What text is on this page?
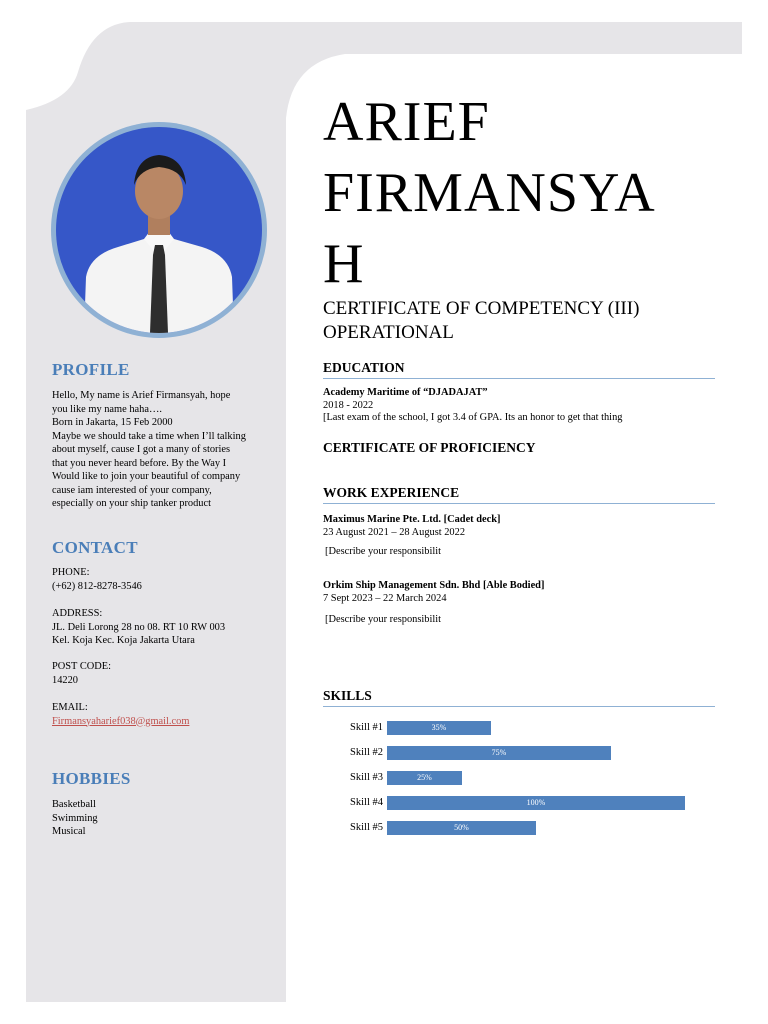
PROFILE
Hello, My name is Arief Firmansyah, hope
you like my name haha….
Born in Jakarta, 15 Feb 2000
Maybe we should take a time when I’ll talking
about myself, cause I got a many of stories
that you never heard before. By the Way I
Would like to join your beautiful of company
cause iam interested of your company,
especially on your ship tanker product
CONTACT
PHONE:
(+62) 812-8278-3546
ADDRESS:
JL. Deli Lorong 28 no 08. RT 10 RW 003
Kel. Koja Kec. Koja Jakarta Utara
POST CODE:
14220
EMAIL:
Firmansyaharief038@gmail.com
HOBBIES
Basketball
Swimming
Musical
ARIEF
FIRMANSYA
H
CERTIFICATE OF COMPETENCY (III)
OPERATIONAL
EDUCATION
Academy Maritime of “DJADAJAT”
2018 - 2022
[Last exam of the school, I got 3.4 of GPA. Its an honor to get that thing
CERTIFICATE OF PROFICIENCY
WORK EXPERIENCE
Maximus Marine Pte. Ltd. [Cadet deck]
23 August 2021 – 28 August 2022
[Describe your responsibilit
Orkim Ship Management Sdn. Bhd [Able Bodied]
7 Sept 2023 – 22 March 2024
[Describe your responsibilit
SKILLS
Skill #1	35%
Skill #2	75%
Skill #3	25%
Skill #4	100%
Skill #5	50%
